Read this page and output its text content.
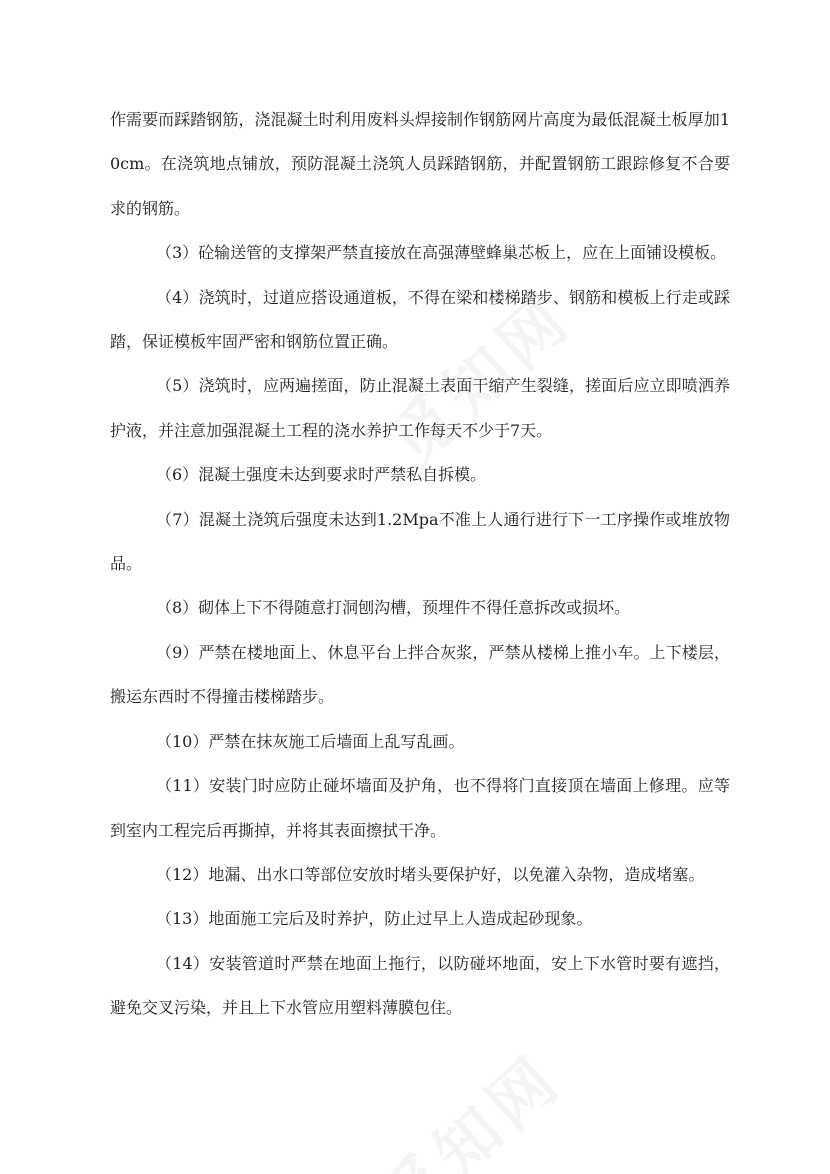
作需要而踩踏钢筋，浇混凝土时利用废料头焊接制作钢筋网片高度为最低混凝土板厚加10cm。在浇筑地点铺放，预防混凝土浇筑人员踩踏钢筋，并配置钢筋工跟踪修复不合要求的钢筋。

（3）砼输送管的支撑架严禁直接放在高强薄壁蜂巢芯板上，应在上面铺设模板。

（4）浇筑时，过道应搭设通道板，不得在梁和楼梯踏步、钢筋和模板上行走或踩踏，保证模板牢固严密和钢筋位置正确。

（5）浇筑时，应两遍搓面，防止混凝土表面干缩产生裂缝，搓面后应立即喷洒养护液，并注意加强混凝土工程的浇水养护工作每天不少于7天。

（6）混凝土强度未达到要求时严禁私自拆模。

（7）混凝土浇筑后强度未达到1.2Mpa不准上人通行进行下一工序操作或堆放物品。

（8）砌体上下不得随意打洞刨沟槽，预埋件不得任意拆改或损坏。

（9）严禁在楼地面上、休息平台上拌合灰浆，严禁从楼梯上推小车。上下楼层，搬运东西时不得撞击楼梯踏步。

（10）严禁在抹灰施工后墙面上乱写乱画。

（11）安装门时应防止碰坏墙面及护角，也不得将门直接顶在墙面上修理。应等到室内工程完后再撕掉，并将其表面擦拭干净。

（12）地漏、出水口等部位安放时堵头要保护好，以免灌入杂物，造成堵塞。

（13）地面施工完后及时养护，防止过早上人造成起砂现象。

（14）安装管道时严禁在地面上拖行，以防碰坏地面，安上下水管时要有遮挡，避免交叉污染，并且上下水管应用塑料薄膜包住。
